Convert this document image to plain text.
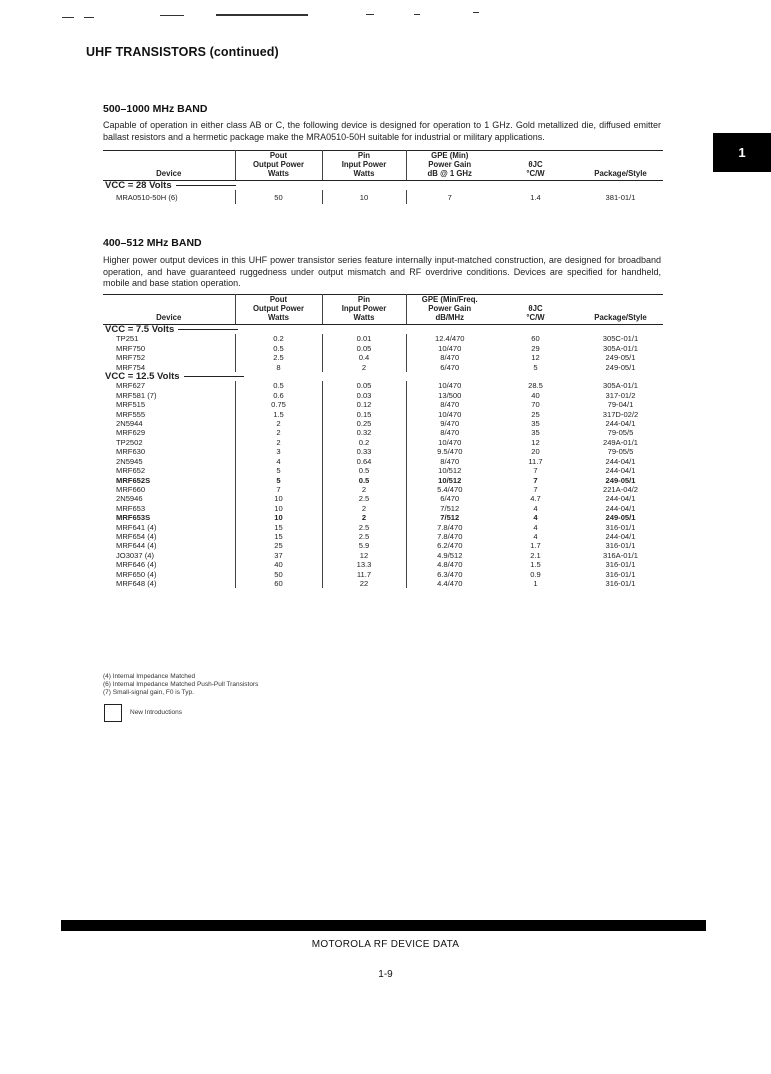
UHF TRANSISTORS (continued)
1
500–1000 MHz BAND
Capable of operation in either class AB or C, the following device is designed for operation to 1 GHz. Gold metallized die, diffused emitter ballast resistors and a hermetic package make the MRA0510-50H suitable for industrial or military applications.
Device	Pout
Output Power
Watts	Pin
Input Power
Watts	GPE (Min)
Power Gain
dB @ 1 GHz	θJC
°C/W	Package/Style
VCC = 28 Volts					
MRA0510-50H (6)	50	10	7	1.4	381-01/1
400–512 MHz BAND
Higher power output devices in this UHF power transistor series feature internally input-matched construction, are designed for broadband operation, and have guaranteed ruggedness under output mismatch and RF overdrive conditions. Devices are specified for handheld, mobile and base station operation.
Device	Pout
Output Power
Watts	Pin
Input Power
Watts	GPE (Min/Freq.
Power Gain
dB/MHz	θJC
°C/W	Package/Style
VCC = 7.5 Volts					
TP251	0.2	0.01	12.4/470	60	305C-01/1
MRF750	0.5	0.05	10/470	29	305A-01/1
MRF752	2.5	0.4	8/470	12	249-05/1
MRF754	8	2	6/470	5	249-05/1
VCC = 12.5 Volts					
MRF627	0.5	0.05	10/470	28.5	305A-01/1
MRF581 (7)	0.6	0.03	13/500	40	317-01/2
MRF515	0.75	0.12	8/470	70	79-04/1
MRF555	1.5	0.15	10/470	25	317D-02/2
2N5944	2	0.25	9/470	35	244-04/1
MRF629	2	0.32	8/470	35	79-05/5
TP2502	2	0.2	10/470	12	249A-01/1
MRF630	3	0.33	9.5/470	20	79-05/5
2N5945	4	0.64	8/470	11.7	244-04/1
MRF652	5	0.5	10/512	7	244-04/1
MRF652S	5	0.5	10/512	7	249-05/1
MRF660	7	2	5.4/470	7	221A-04/2
2N5946	10	2.5	6/470	4.7	244-04/1
MRF653	10	2	7/512	4	244-04/1
MRF653S	10	2	7/512	4	249-05/1
MRF641 (4)	15	2.5	7.8/470	4	316-01/1
MRF654 (4)	15	2.5	7.8/470	4	244-04/1
MRF644 (4)	25	5.9	6.2/470	1.7	316-01/1
JO3037 (4)	37	12	4.9/512	2.1	316A-01/1
MRF646 (4)	40	13.3	4.8/470	1.5	316-01/1
MRF650 (4)	50	11.7	6.3/470	0.9	316-01/1
MRF648 (4)	60	22	4.4/470	1	316-01/1
(4) Internal Impedance Matched
(6) Internal Impedance Matched Push-Pull Transistors
(7) Small-signal gain, F0 is Typ.
New Introductions
MOTOROLA RF DEVICE DATA
1-9
